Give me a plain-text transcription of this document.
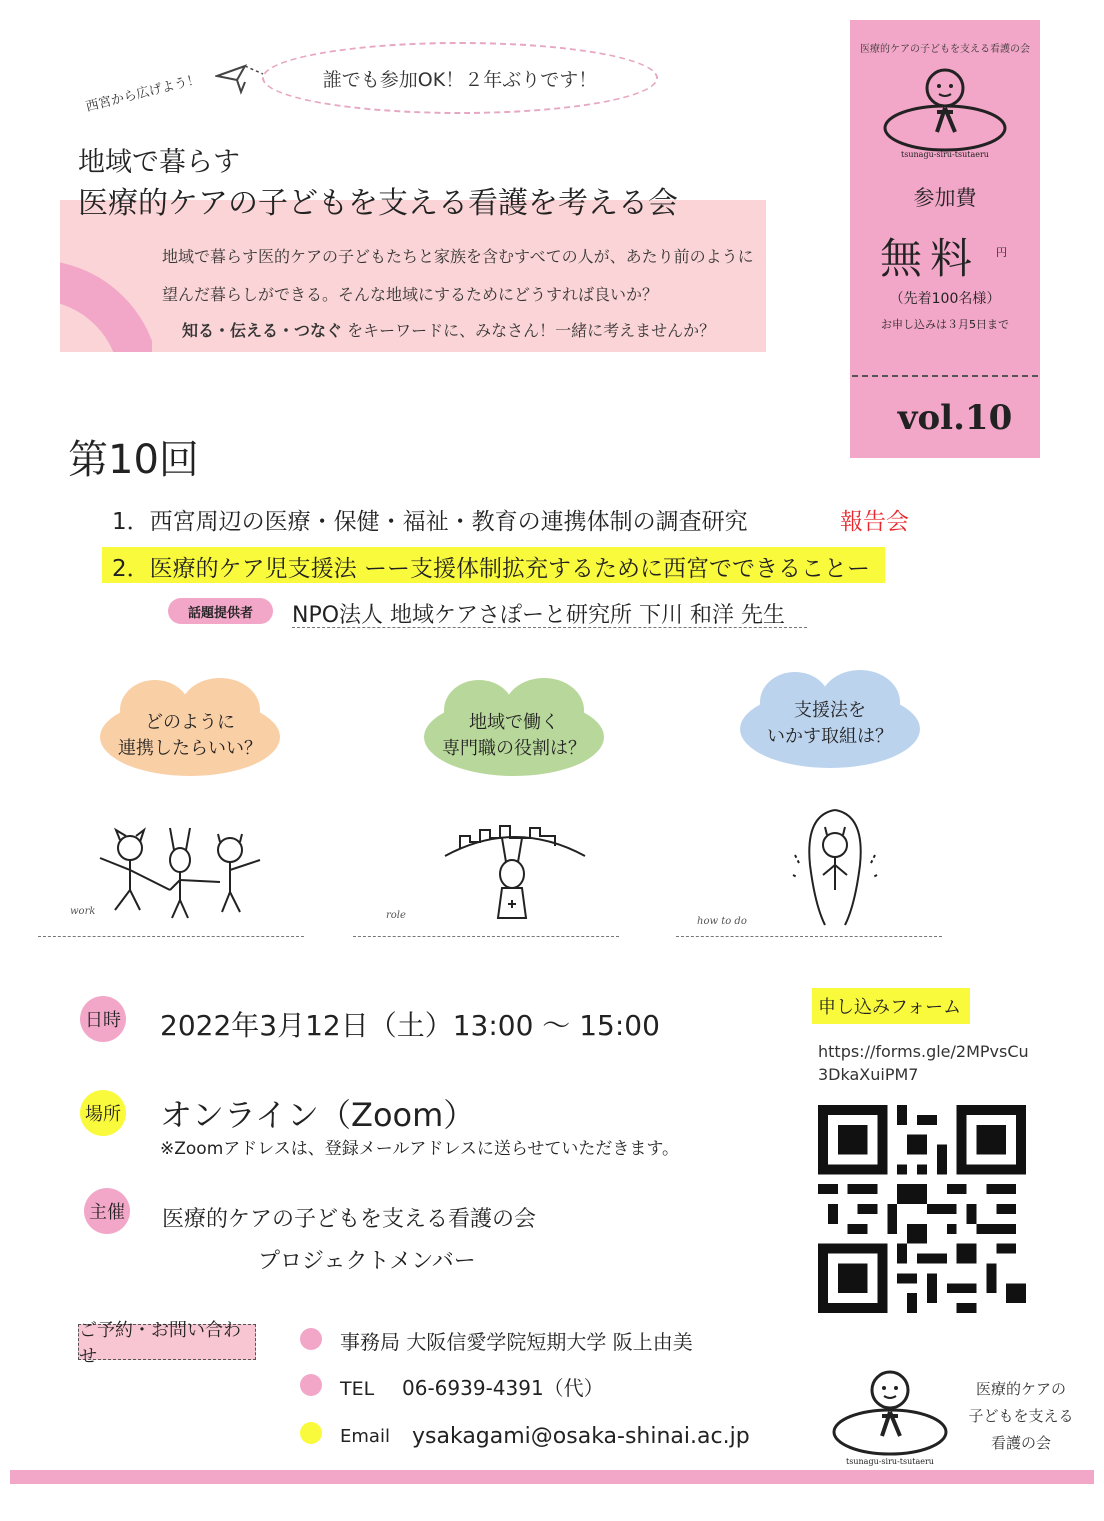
誰でも参加OK！２年ぶりです！
西宮から広げよう！
地域で暮らす
医療的ケアの子どもを支える看護を考える会
地域で暮らす医的ケアの子どもたちと家族を含むすべての人が、あたり前のように
望んだ暮らしができる。そんな地域にするためにどうすれば良いか？
知る・伝える・つなぐ をキーワードに、みなさん！一緒に考えませんか？
医療的ケアの子どもを支える看護の会
tsunagu-siru-tsutaeru
参加費
無料 円
（先着100名様）
お申し込みは３月5日まで
vol.10
第10回
1．西宮周辺の医療・保健・福祉・教育の連携体制の調査研究	報告会
2．医療的ケア児支援法 ーー支援体制拡充するために西宮でできることー
話題提供者	NPO法人 地域ケアさぽーと研究所 下川 和洋 先生
どのように
連携したらいい？
地域で働く
専門職の役割は？
支援法を
いかす取組は？
work	role
how to do
日時 2022年3月12日（土）13:00 ～ 15:00
場所 オンライン（Zoom）
※Zoomアドレスは、登録メールアドレスに送らせていただきます。
主催 医療的ケアの子どもを支える看護の会
プロジェクトメンバー
申し込みフォーム
https://forms.gle/2MPvsCu3DkaXuiPM7
ご予約・お問い合わせ
事務局 大阪信愛学院短期大学 阪上由美
TEL 06-6939-4391（代）
Email ysakagami@osaka-shinai.ac.jp
tsunagu-siru-tsutaeru
医療的ケアの
子どもを支える
看護の会
